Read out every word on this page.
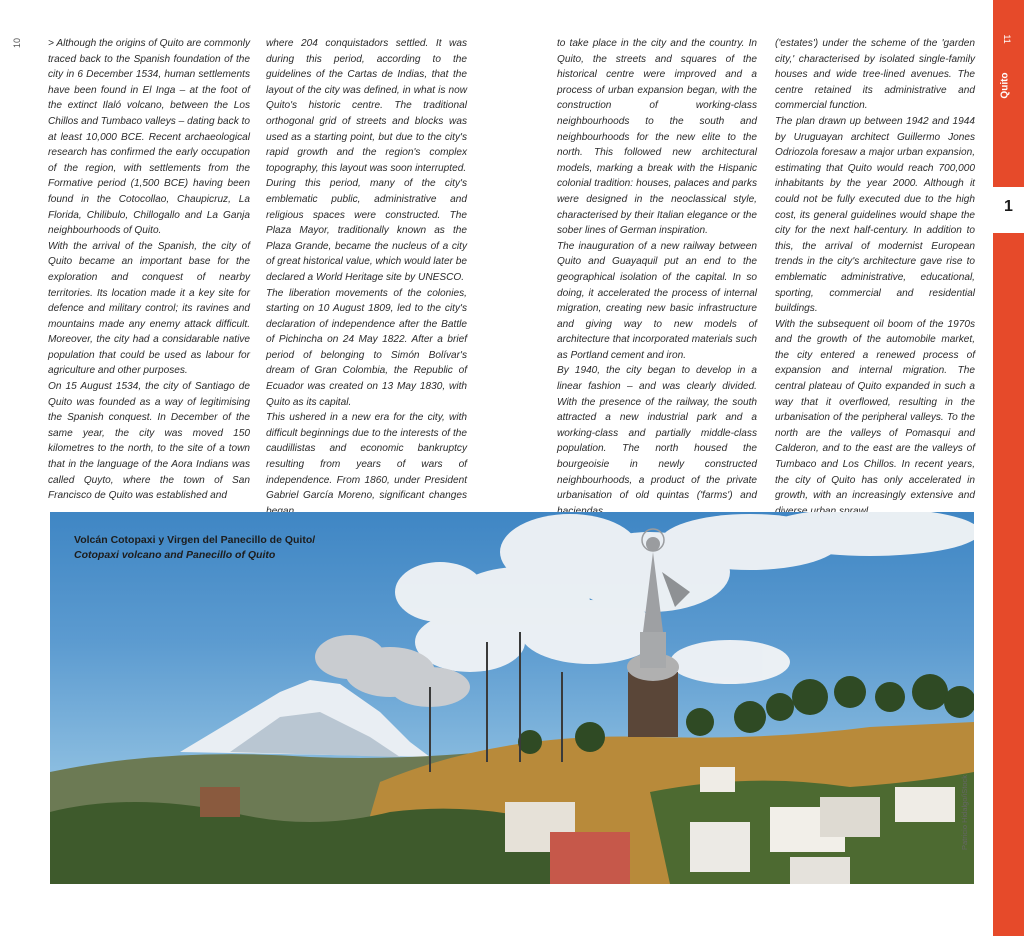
10	> Although the origins of Quito are commonly traced back to the Spanish foundation of the city in 6 December 1534, human settlements have been found in El Inga – at the foot of the extinct Ilaló volcano, between the Los Chillos and Tumbaco valleys – dating back to at least 10,000 BCE. Recent archaeological research has confirmed the early occupation of the region, with settlements from the Formative period (1,500 BCE) having been found in the Cotocollao, Chaupicruz, La Florida, Chilibulo, Chillogallo and La Ganja neighbourhoods of Quito.

With the arrival of the Spanish, the city of Quito became an important base for the exploration and conquest of nearby territories. Its location made it a key site for defence and military control; its ravines and mountains made any enemy attack difficult. Moreover, the city had a considarable native population that could be used as labour for agriculture and other purposes.

On 15 August 1534, the city of Santiago de Quito was founded as a way of legitimising the Spanish conquest. In December of the same year, the city was moved 150 kilometres to the north, to the site of a town that in the language of the Aora Indians was called Quyto, where the town of San Francisco de Quito was established and

where 204 conquistadors settled. It was during this period, according to the guidelines of the Cartas de Indias, that the layout of the city was defined, in what is now Quito's historic centre. The traditional orthogonal grid of streets and blocks was used as a starting point, but due to the city's rapid growth and the region's complex topography, this layout was soon interrupted.

During this period, many of the city's emblematic public, administrative and religious spaces were constructed. The Plaza Mayor, traditionally known as the Plaza Grande, became the nucleus of a city of great historical value, which would later be declared a World Heritage site by UNESCO.

The liberation movements of the colonies, starting on 10 August 1809, led to the city's declaration of independence after the Battle of Pichincha on 24 May 1822. After a brief period of belonging to Simón Bolívar's dream of Gran Colombia, the Republic of Ecuador was created on 13 May 1830, with Quito as its capital.

This ushered in a new era for the city, with difficult beginnings due to the interests of the caudillistas and economic bankruptcy resulting from years of wars of independence. From 1860, under President Gabriel García Moreno, significant changes

to take place in the city and the country. In Quito, the streets and squares of the historical centre were improved and a process of urban expansion began, with the construction of working-class neighbourhoods to the south and neighbourhoods for the new elite to the north. This followed new architectural models, marking a break with the Hispanic colonial tradition: houses, palaces and parks were designed in the neoclassical style, characterised by their Italian elegance or the sober lines of German inspiration.

The inauguration of a new railway between Quito and Guayaquil put an end to the geographical isolation of the capital. In so doing, it accelerated the process of internal migration, creating new basic infrastructure and giving way to new models of architecture that incorporated materials such as Portland cement and iron.

By 1940, the city began to develop in a linear fashion – and was clearly divided. With the presence of the railway, the south attracted a new industrial park and a working-class and partially middle-class population. The north housed the bourgeoisie in newly constructed neighbourhoods, a product of the private urbanisation of old quintas ('farms') and

('estates') under the scheme of the 'garden city,' characterised by isolated single-family houses and wide tree-lined avenues. The centre retained its administrative and commercial function.

The plan drawn up between 1942 and 1944 by Uruguayan architect Guillermo Jones Odriozola foresaw a major urban expansion, estimating that Quito would reach 700,000 inhabitants by the year 2000. Although it could not be fully executed due to the high cost, its general guidelines would shape the city for the next half-century. In addition to this, the arrival of modernist European trends in the city's architecture gave rise to emblematic administrative, educational, sporting, commercial and residential buildings.

With the subsequent oil boom of the 1970s and the growth of the automobile market, the city entered a renewed process of expansion and internal migration. The central plateau of Quito expanded in such a way that it overflowed, resulting in the urbanisation of the peripheral valleys. To the north are the valleys of Pomasqui and Calderon, and to the east are the valleys of Tumbaco and Los Chillos. In recent years, the city of Quito has only accelerated in growth, with an increasingly extensive and

11
Quito
1
Volcán Cotopaxi y Virgen del Panecillo de Quito/
Cotopaxi volcano and Panecillo of Quito
Patricio Hidalgo/iStock
